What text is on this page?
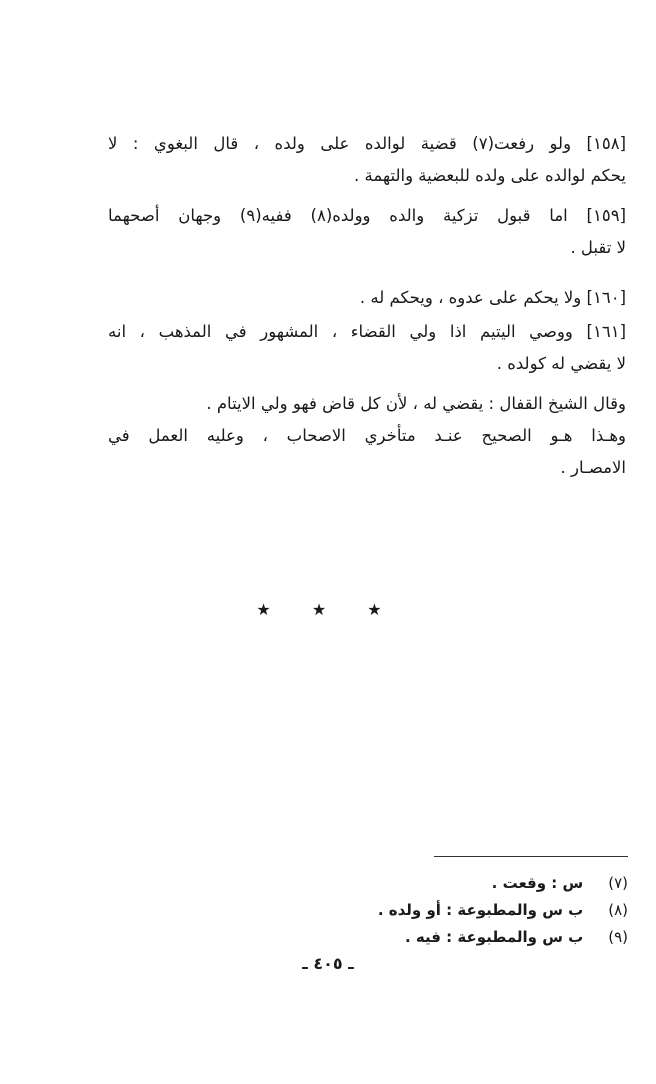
[١٥٨] ولو رفعت(٧) قضية لوالده على ولده ، قال البغوي : لا
يحكم لوالده على ولده للبعضية والتهمة .
[١٥٩] اما قبول تزكية والده وولده(٨) ففيه(٩) وجهان أصحهما
لا تقبل .
[١٦٠] ولا يحكم على عدوه ، ويحكم له .
[١٦١] ووصي اليتيم اذا ولي القضاء ، المشهور في المذهب ، انه
لا يقضي له كولده .
وقال الشيخ القفال : يقضي له ، لأن كل قاض فهو ولي الايتام .
وهـذا هـو الصحيح عنـد متأخري الاصحاب ، وعليه العمل في
الامصـار .
★ ★ ★
(٧) س : وقعت .
(٨) ب س والمطبوعة : أو ولده .
(٩) ب س والمطبوعة : فيه .
ـ ٤٠٥ ـ
